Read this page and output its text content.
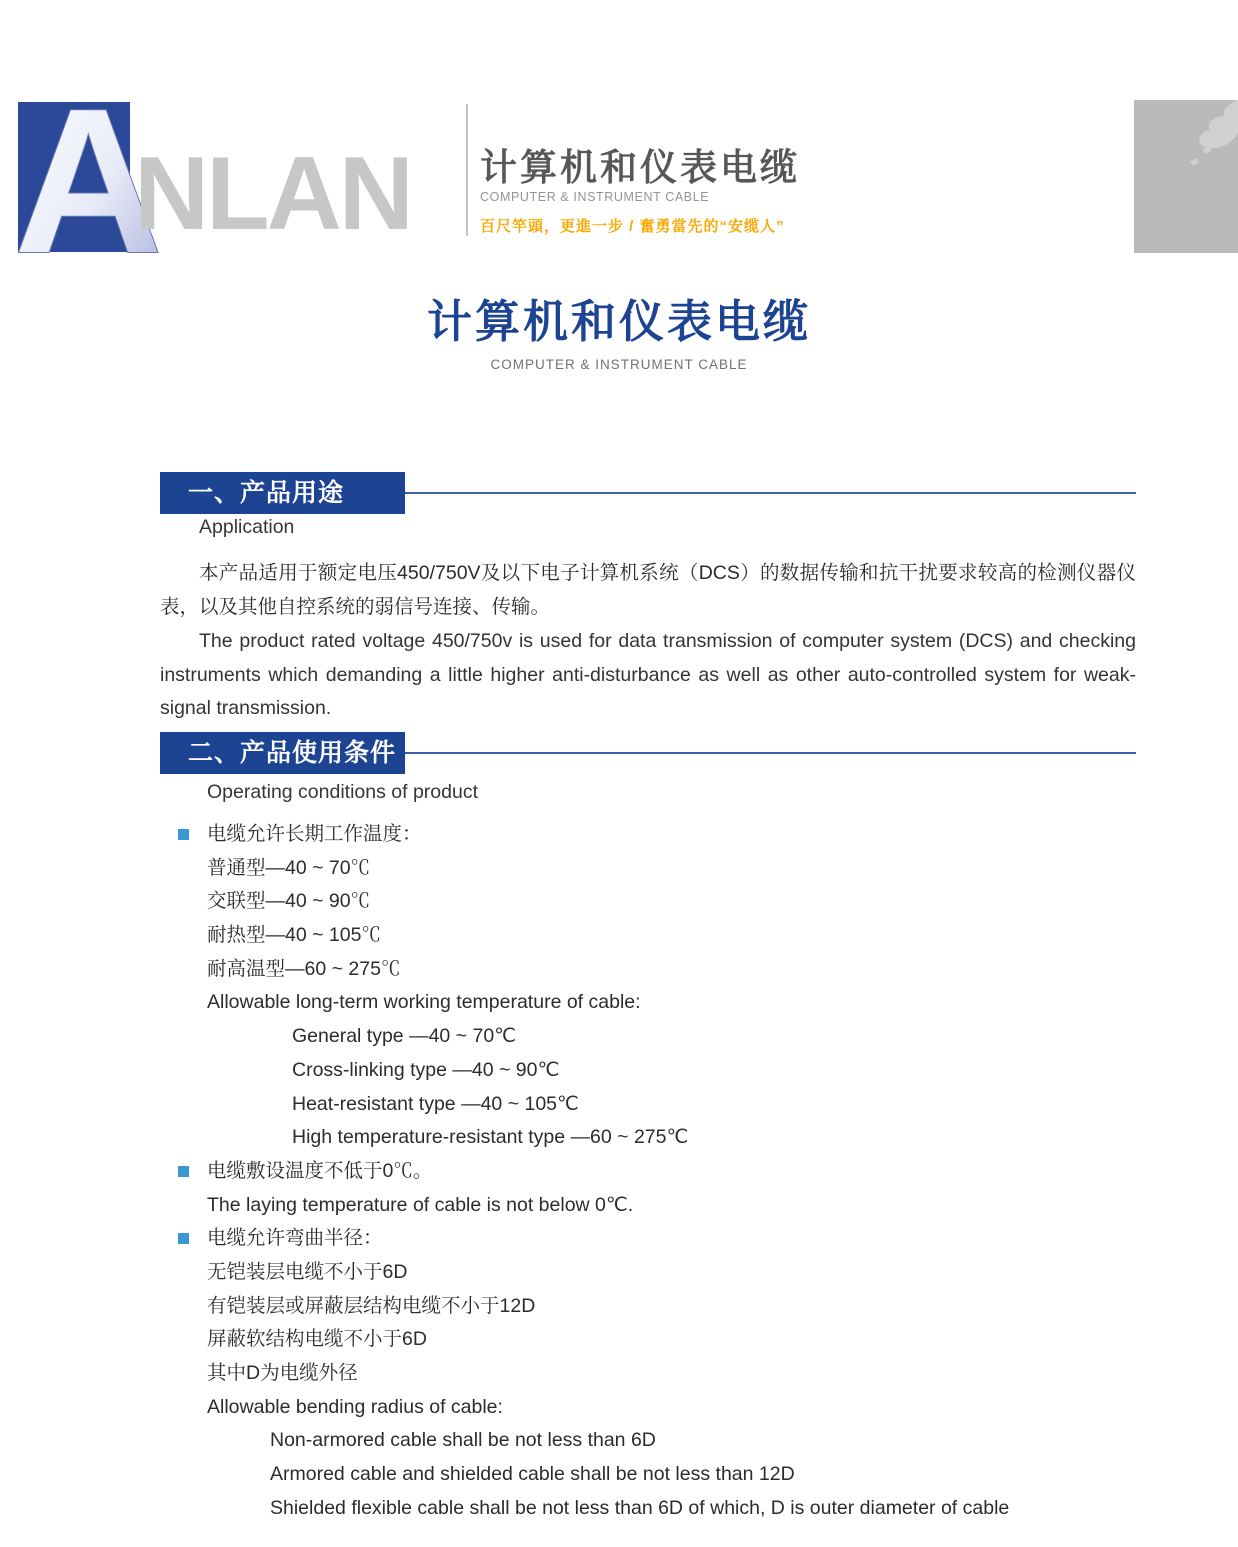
A
NLAN 计算机和仪表电缆
COMPUTER & INSTRUMENT CABLE
百尺竿頭，更進一步 / 奮勇當先的“安缆人”
计算机和仪表电缆
COMPUTER & INSTRUMENT CABLE
一、产品用途
Application
本产品适用于额定电压450/750V及以下电子计算机系统（DCS）的数据传输和抗干扰要求较高的检测仪器仪表，以及其他自控系统的弱信号连接、传输。
The product rated voltage 450/750v is used for data transmission of computer system (DCS) and checking instruments which demanding a little higher anti-disturbance as well as other auto-controlled system for weak-signal transmission.
二、产品使用条件
Operating conditions of product
电缆允许长期工作温度：
普通型—40 ~ 70℃
交联型—40 ~ 90℃
耐热型—40 ~ 105℃
耐高温型—60 ~ 275℃
Allowable long-term working temperature of cable:
General type —40 ~ 70℃
Cross-linking type —40 ~ 90℃
Heat-resistant type —40 ~ 105℃
High temperature-resistant type —60 ~ 275℃
电缆敷设温度不低于0℃。
The laying temperature of cable is not below 0℃.
电缆允许弯曲半径：
无铠装层电缆不小于6D
有铠装层或屏蔽层结构电缆不小于12D
屏蔽软结构电缆不小于6D
其中D为电缆外径
Allowable bending radius of cable:
Non-armored cable shall be not less than 6D
Armored cable and shielded cable shall be not less than 12D
Shielded flexible cable shall be not less than 6D of which, D is outer diameter of cable
